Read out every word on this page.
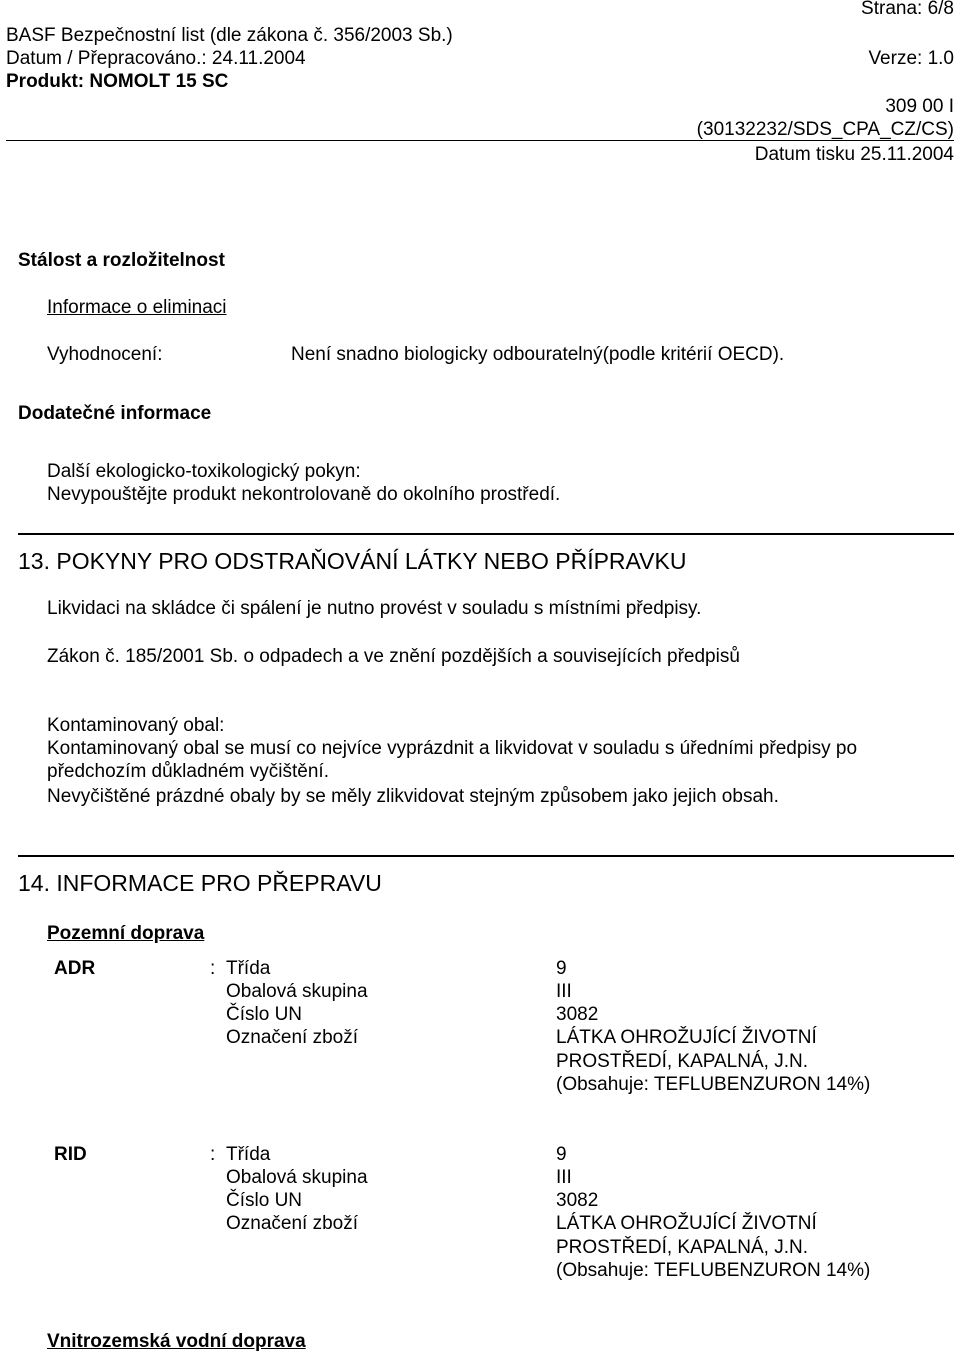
Strana: 6/8
BASF Bezpečnostní list (dle zákona č. 356/2003 Sb.)
Datum / Přepracováno.: 24.11.2004	Verze: 1.0
Produkt: NOMOLT 15 SC
309 00 I
(30132232/SDS_CPA_CZ/CS)
Datum tisku 25.11.2004
Stálost a rozložitelnost
Informace o eliminaci
Vyhodnocení:	Není snadno biologicky odbouratelný(podle kritérií OECD).
Dodatečné informace
Další ekologicko-toxikologický pokyn:
Nevypouštějte produkt nekontrolovaně do okolního prostředí.
13. POKYNY PRO ODSTRAŇOVÁNÍ LÁTKY NEBO PŘÍPRAVKU
Likvidaci na skládce či spálení je nutno provést v souladu s místními předpisy.
Zákon č. 185/2001 Sb. o odpadech a ve znění pozdějších a souvisejících předpisů
Kontaminovaný obal:
Kontaminovaný obal se musí co nejvíce vyprázdnit a likvidovat v souladu s úředními předpisy po
předchozím důkladném vyčištění.
Nevyčištěné prázdné obaly by se měly zlikvidovat stejným způsobem jako jejich obsah.
14. INFORMACE PRO PŘEPRAVU
Pozemní doprava
ADR	: Třída	9
Obalová skupina	III
Číslo UN	3082
Označení zboží	LÁTKA OHROŽUJÍCÍ ŽIVOTNÍ
PROSTŘEDÍ, KAPALNÁ, J.N.
(Obsahuje: TEFLUBENZURON 14%)
RID	: Třída	9
Obalová skupina	III
Číslo UN	3082
Označení zboží	LÁTKA OHROŽUJÍCÍ ŽIVOTNÍ
PROSTŘEDÍ, KAPALNÁ, J.N.
(Obsahuje: TEFLUBENZURON 14%)
Vnitrozemská vodní doprava
